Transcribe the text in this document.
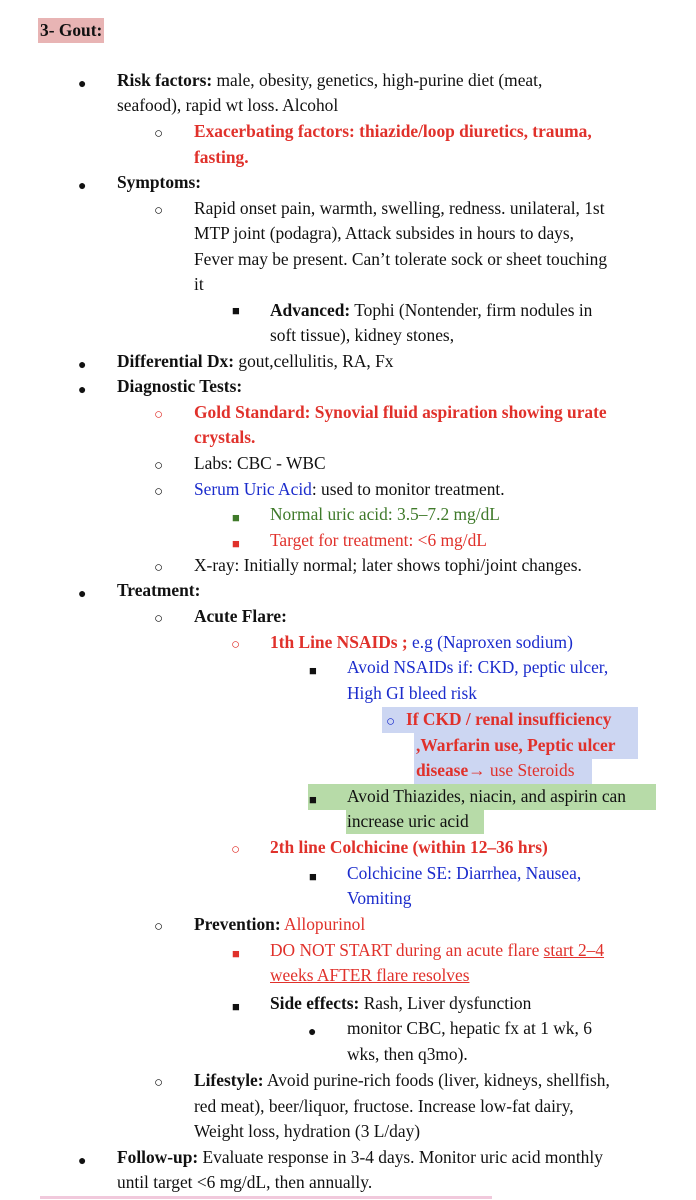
3- Gout:
● Risk factors: male, obesity, genetics, high-purine diet (meat,
seafood), rapid wt loss. Alcohol
○ Exacerbating factors: thiazide/loop diuretics, trauma,
fasting.
● Symptoms:
○ Rapid onset pain, warmth, swelling, redness. unilateral, 1st
MTP joint (podagra), Attack subsides in hours to days,
Fever may be present. Can’t tolerate sock or sheet touching
it
■ Advanced: Tophi (Nontender, firm nodules in
soft tissue), kidney stones,
● Differential Dx: gout,cellulitis, RA, Fx
● Diagnostic Tests:
○ Gold Standard: Synovial fluid aspiration showing urate
crystals.
○ Labs: CBC - WBC
○ Serum Uric Acid: used to monitor treatment.
■ Normal uric acid: 3.5–7.2 mg/dL
■ Target for treatment: <6 mg/dL
○ X-ray: Initially normal; later shows tophi/joint changes.
● Treatment:
○ Acute Flare:
○ 1th Line NSAIDs ; e.g (Naproxen sodium)
■ Avoid NSAIDs if: CKD, peptic ulcer,
High GI bleed risk
○ If CKD / renal insufficiency
,Warfarin use, Peptic ulcer
disease→ use Steroids
■ Avoid Thiazides, niacin, and aspirin can
increase uric acid
○ 2th line Colchicine (within 12–36 hrs)
■ Colchicine SE: Diarrhea, Nausea,
Vomiting
○ Prevention: Allopurinol
■ DO NOT START during an acute flare start 2–4
weeks AFTER flare resolves
■ Side effects: Rash, Liver dysfunction
● monitor CBC, hepatic fx at 1 wk, 6
wks, then q3mo).
○ Lifestyle: Avoid purine-rich foods (liver, kidneys, shellfish,
red meat), beer/liquor, fructose. Increase low-fat dairy,
Weight loss, hydration (3 L/day)
● Follow-up: Evaluate response in 3-4 days. Monitor uric acid monthly
until target <6 mg/dL, then annually.
